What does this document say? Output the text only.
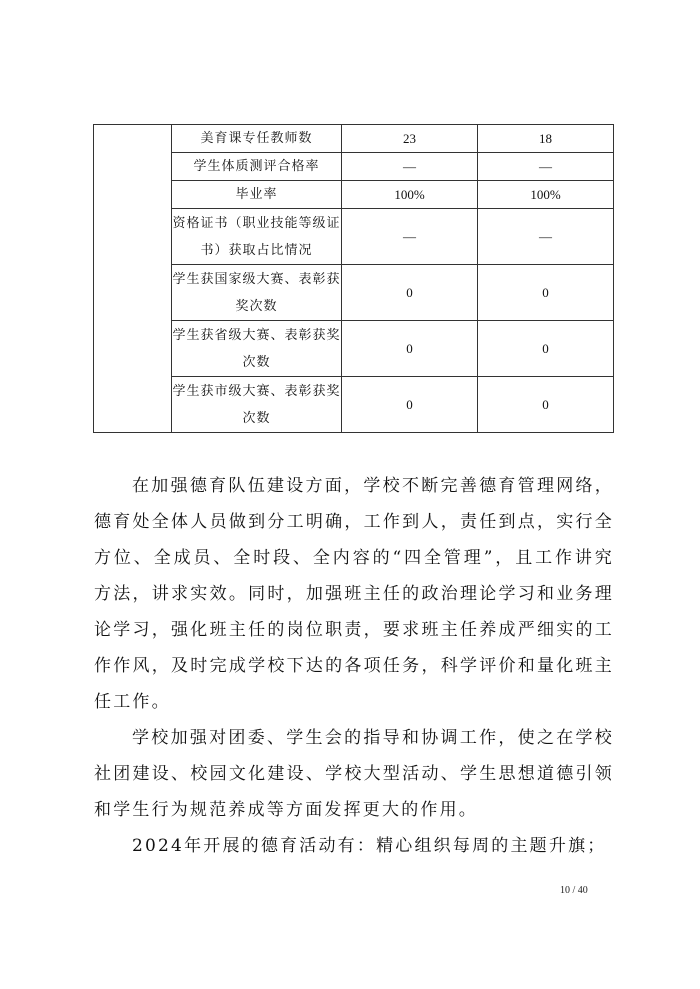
	美育课专任教师数	23	18
	学生体质测评合格率	—	—
	毕业率	100%	100%
	资格证书（职业技能等级证书）获取占比情况	—	—
	学生获国家级大赛、表彰获奖次数	0	0
	学生获省级大赛、表彰获奖次数	0	0
	学生获市级大赛、表彰获奖次数	0	0

在加强德育队伍建设方面，学校不断完善德育管理网络，德育处全体人员做到分工明确，工作到人，责任到点，实行全方位、全成员、全时段、全内容的“四全管理”，且工作讲究方法，讲求实效。同时，加强班主任的政治理论学习和业务理论学习，强化班主任的岗位职责，要求班主任养成严细实的工作作风，及时完成学校下达的各项任务，科学评价和量化班主任工作。

学校加强对团委、学生会的指导和协调工作，使之在学校社团建设、校园文化建设、学校大型活动、学生思想道德引领和学生行为规范养成等方面发挥更大的作用。

2024年开展的德育活动有：精心组织每周的主题升旗；

10 / 40
